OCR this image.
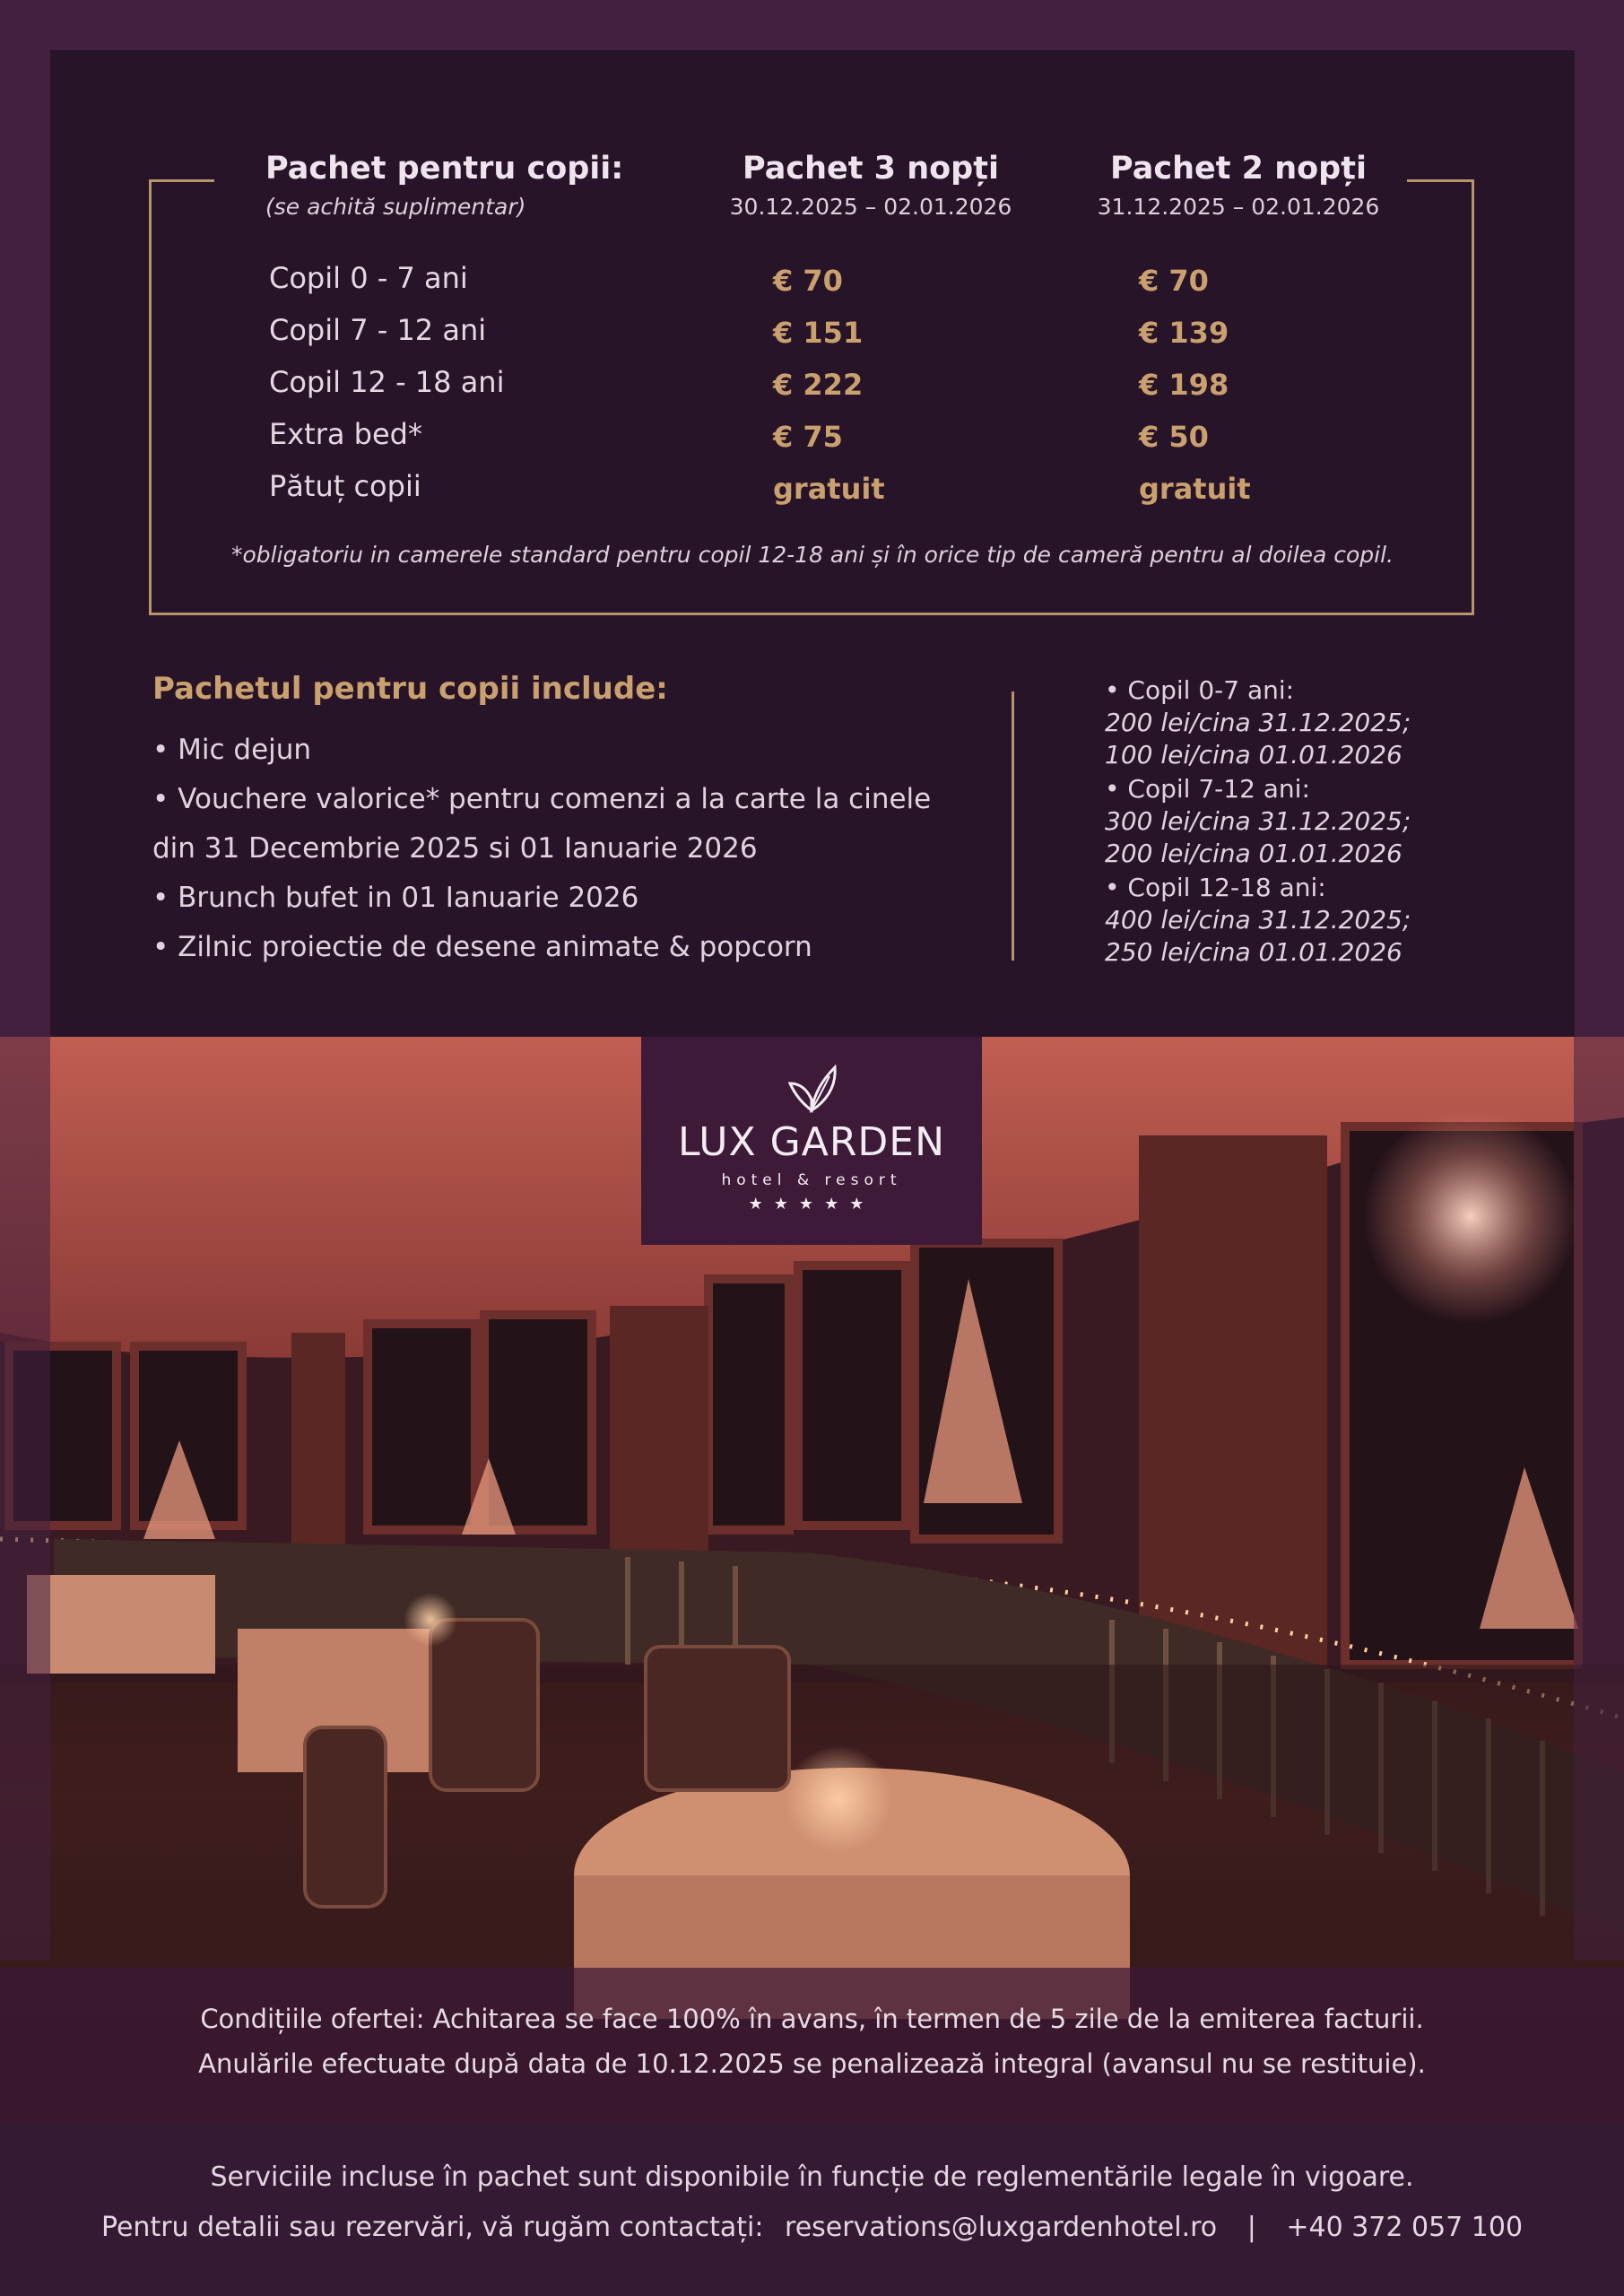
Pachet pentru copii:
(se achită suplimentar)
Pachet 3 nopți
30.12.2025 – 02.01.2026
Pachet 2 nopți
31.12.2025 – 02.01.2026
Copil 0 - 7 ani	€ 70	€ 70
Copil 7 - 12 ani	€ 151	€ 139
Copil 12 - 18 ani	€ 222	€ 198
Extra bed*	€ 75	€ 50
Pătuț copii	gratuit	gratuit
*obligatoriu in camerele standard pentru copil 12-18 ani și în orice tip de cameră pentru al doilea copil.
Pachetul pentru copii include:
• Mic dejun
• Vouchere valorice* pentru comenzi a la carte la cinele
din 31 Decembrie 2025 si 01 Ianuarie 2026
• Brunch bufet in 01 Ianuarie 2026
• Zilnic proiectie de desene animate & popcorn
• Copil 0-7 ani:
200 lei/cina 31.12.2025;
100 lei/cina 01.01.2026
• Copil 7-12 ani:
300 lei/cina 31.12.2025;
200 lei/cina 01.01.2026
• Copil 12-18 ani:
400 lei/cina 31.12.2025;
250 lei/cina 01.01.2026
LUX GARDEN
hotel & resort
★★★★★
Condițiile ofertei: Achitarea se face 100% în avans, în termen de 5 zile de la emiterea facturii.
Anulările efectuate după data de 10.12.2025 se penalizează integral (avansul nu se restituie).
Serviciile incluse în pachet sunt disponibile în funcție de reglementările legale în vigoare.
Pentru detalii sau rezervări, vă rugăm contactați: reservations@luxgardenhotel.ro | +40 372 057 100
